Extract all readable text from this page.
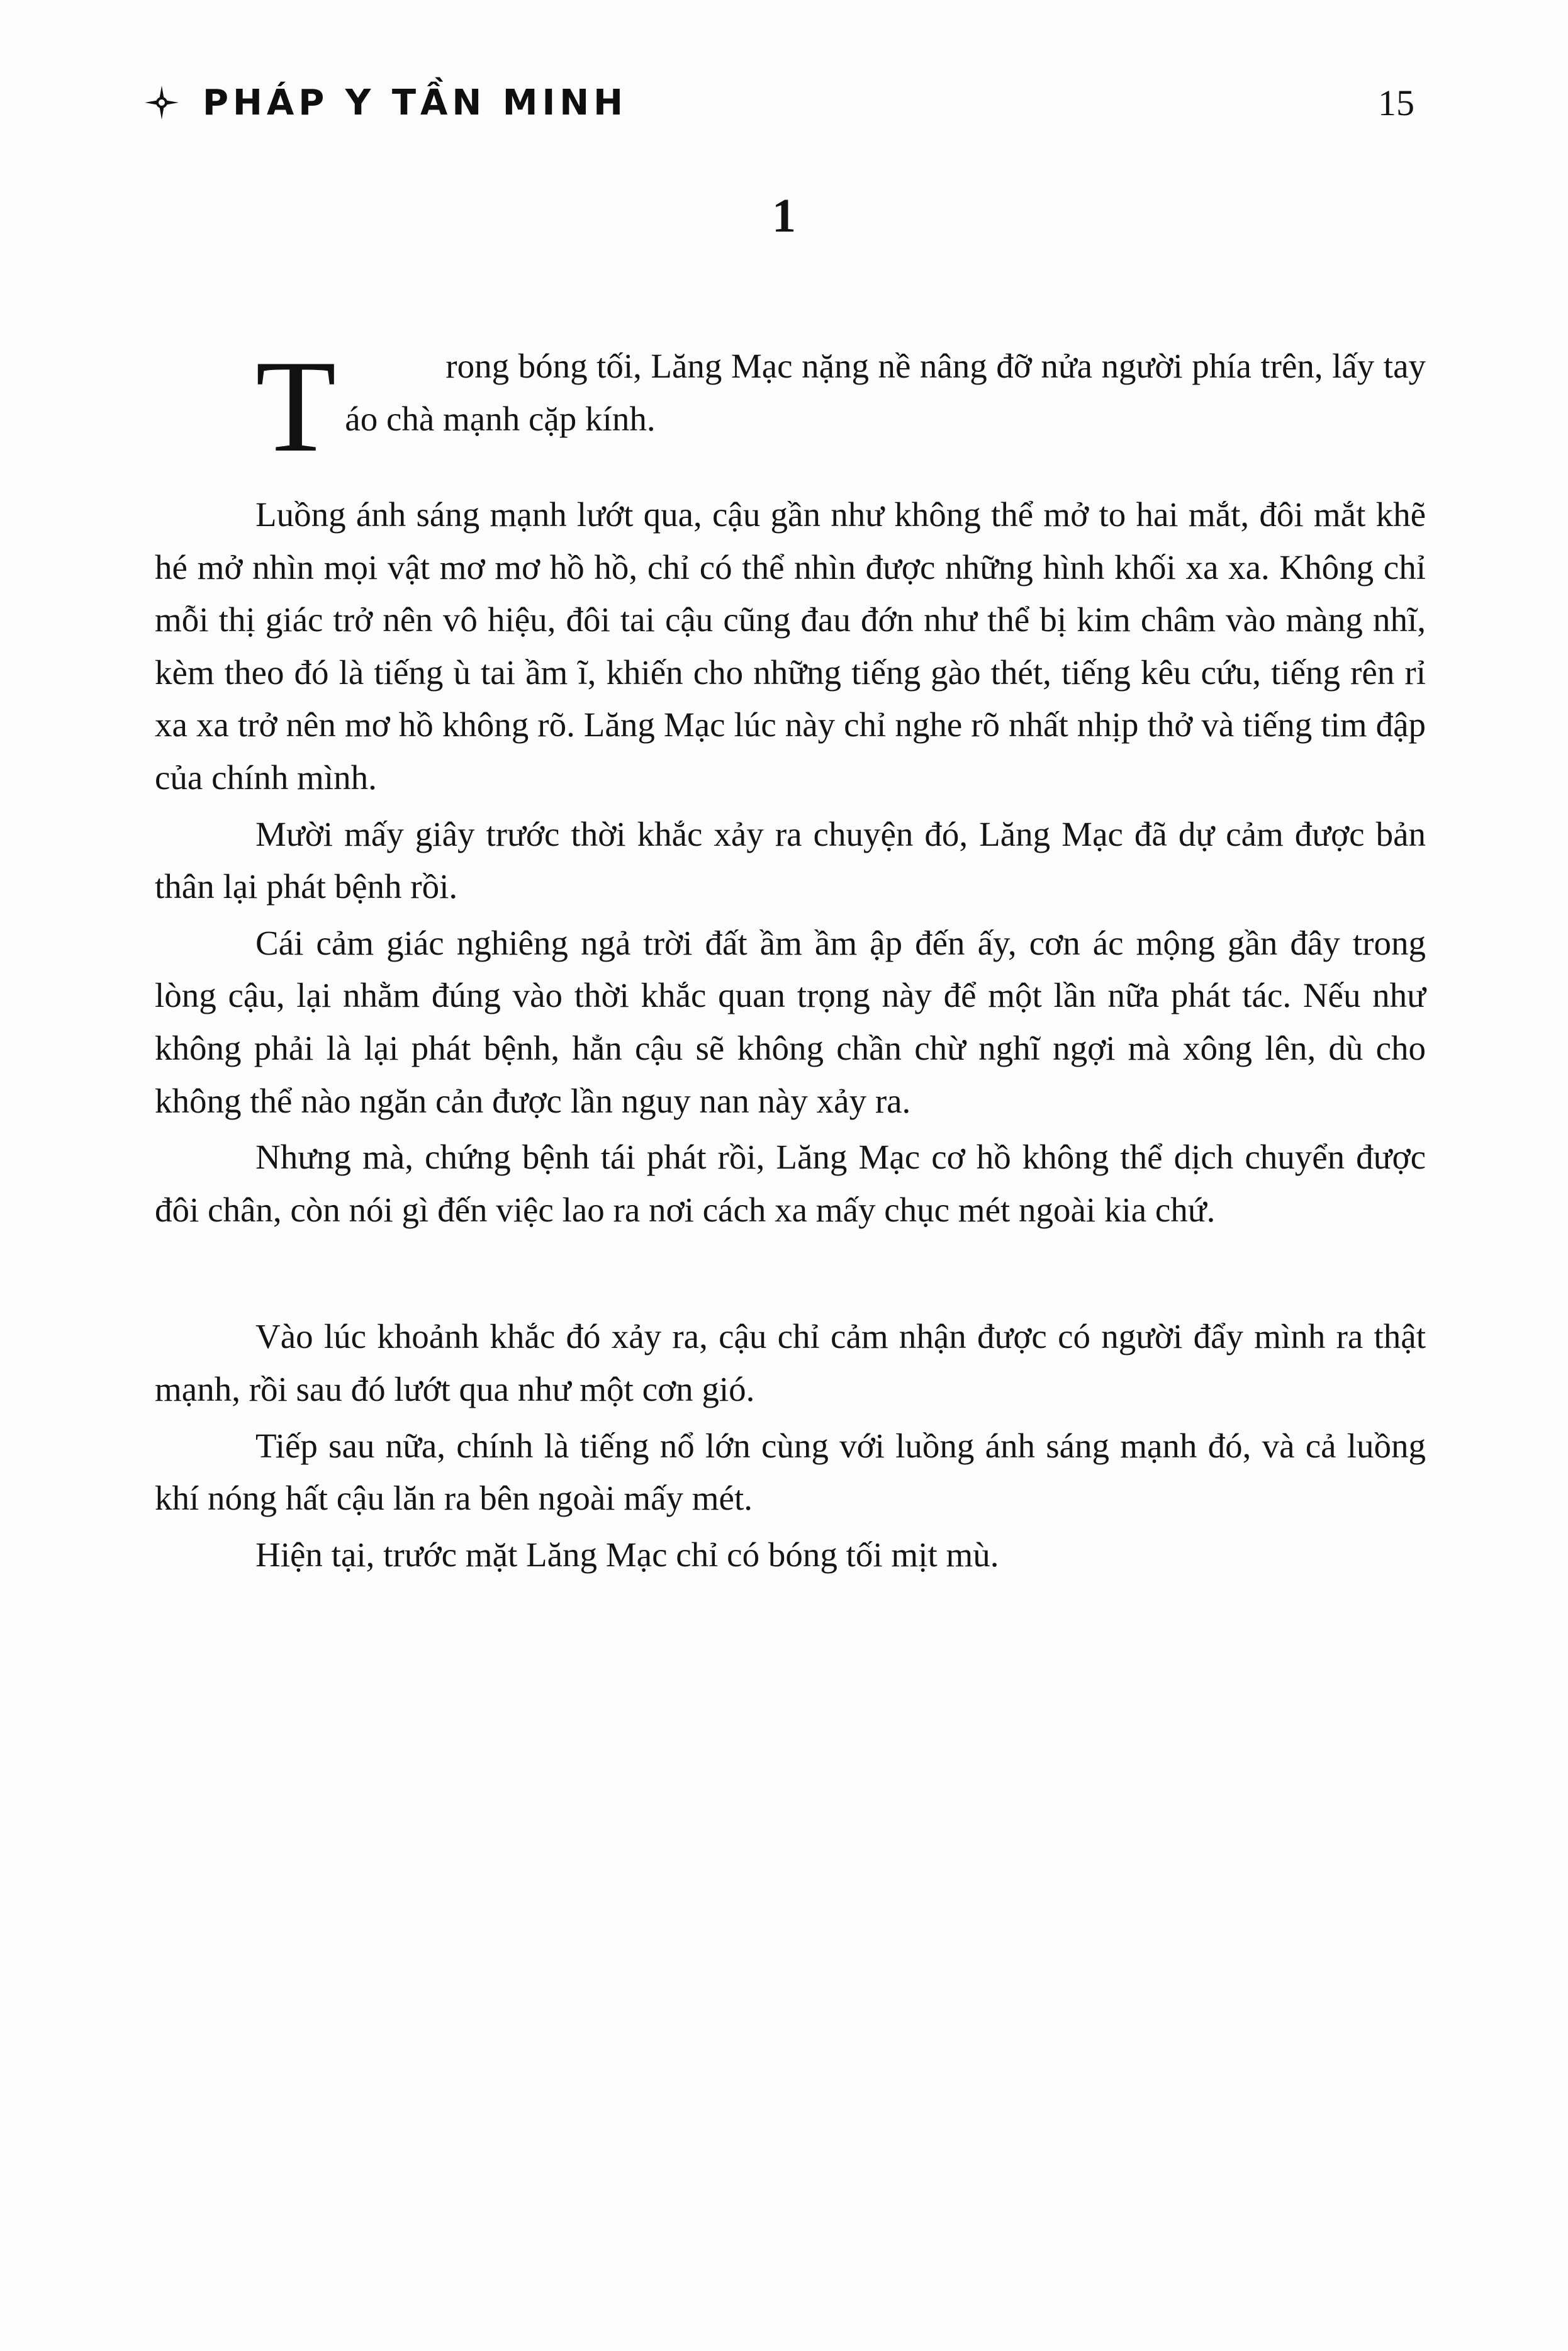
PHÁP Y TẦN MINH	15
1

T	rong bóng tối, Lăng Mạc nặng nề nâng đỡ nửa người phía trên, lấy tay áo chà mạnh cặp kính.

Luồng ánh sáng mạnh lướt qua, cậu gần như không thể mở to hai mắt, đôi mắt khẽ hé mở nhìn mọi vật mơ mơ hồ hồ, chỉ có thể nhìn được những hình khối xa xa. Không chỉ mỗi thị giác trở nên vô hiệu, đôi tai cậu cũng đau đớn như thể bị kim châm vào màng nhĩ, kèm theo đó là tiếng ù tai ầm ĩ, khiến cho những tiếng gào thét, tiếng kêu cứu, tiếng rên rỉ xa xa trở nên mơ hồ không rõ. Lăng Mạc lúc này chỉ nghe rõ nhất nhịp thở và tiếng tim đập của chính mình.

Mười mấy giây trước thời khắc xảy ra chuyện đó, Lăng Mạc đã dự cảm được bản thân lại phát bệnh rồi.

Cái cảm giác nghiêng ngả trời đất ầm ầm ập đến ấy, cơn ác mộng gần đây trong lòng cậu, lại nhằm đúng vào thời khắc quan trọng này để một lần nữa phát tác. Nếu như không phải là lại phát bệnh, hẳn cậu sẽ không chần chừ nghĩ ngợi mà xông lên, dù cho không thể nào ngăn cản được lần nguy nan này xảy ra.

Nhưng mà, chứng bệnh tái phát rồi, Lăng Mạc cơ hồ không thể dịch chuyển được đôi chân, còn nói gì đến việc lao ra nơi cách xa mấy chục mét ngoài kia chứ.

Vào lúc khoảnh khắc đó xảy ra, cậu chỉ cảm nhận được có người đẩy mình ra thật mạnh, rồi sau đó lướt qua như một cơn gió.

Tiếp sau nữa, chính là tiếng nổ lớn cùng với luồng ánh sáng mạnh đó, và cả luồng khí nóng hất cậu lăn ra bên ngoài mấy mét.

Hiện tại, trước mặt Lăng Mạc chỉ có bóng tối mịt mù.
